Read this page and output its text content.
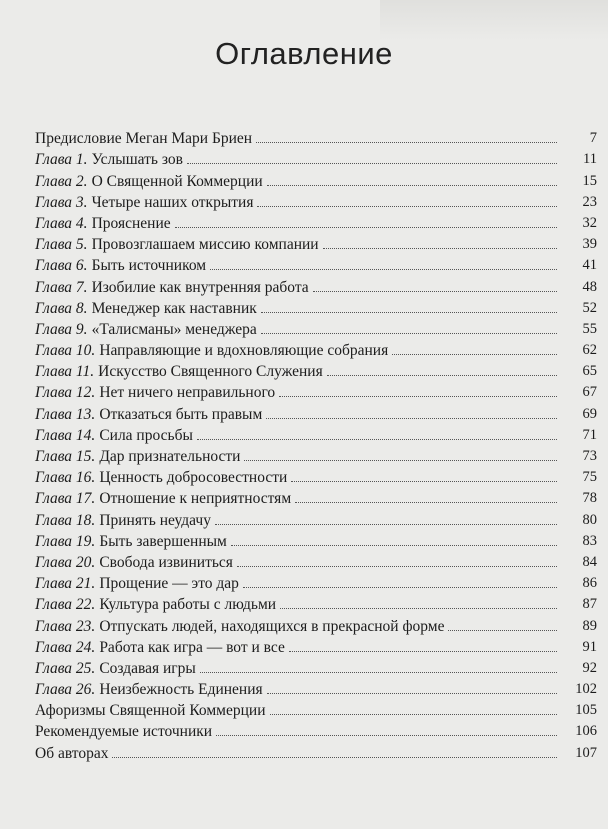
Оглавление
Предисловие Меган Мари Бриен	7
Глава 1. Услышать зов	11
Глава 2. О Священной Коммерции	15
Глава 3. Четыре наших открытия	23
Глава 4. Прояснение	32
Глава 5. Провозглашаем миссию компании	39
Глава 6. Быть источником	41
Глава 7. Изобилие как внутренняя работа	48
Глава 8. Менеджер как наставник	52
Глава 9. «Талисманы» менеджера	55
Глава 10. Направляющие и вдохновляющие собрания	62
Глава 11. Искусство Священного Служения	65
Глава 12. Нет ничего неправильного	67
Глава 13. Отказаться быть правым	69
Глава 14. Сила просьбы	71
Глава 15. Дар признательности	73
Глава 16. Ценность добросовестности	75
Глава 17. Отношение к неприятностям	78
Глава 18. Принять неудачу	80
Глава 19. Быть завершенным	83
Глава 20. Свобода извиниться	84
Глава 21. Прощение — это дар	86
Глава 22. Культура работы с людьми	87
Глава 23. Отпускать людей, находящихся в прекрасной форме	89
Глава 24. Работа как игра — вот и все	91
Глава 25. Создавая игры	92
Глава 26. Неизбежность Единения	102
Афоризмы Священной Коммерции	105
Рекомендуемые источники	106
Об авторах	107
